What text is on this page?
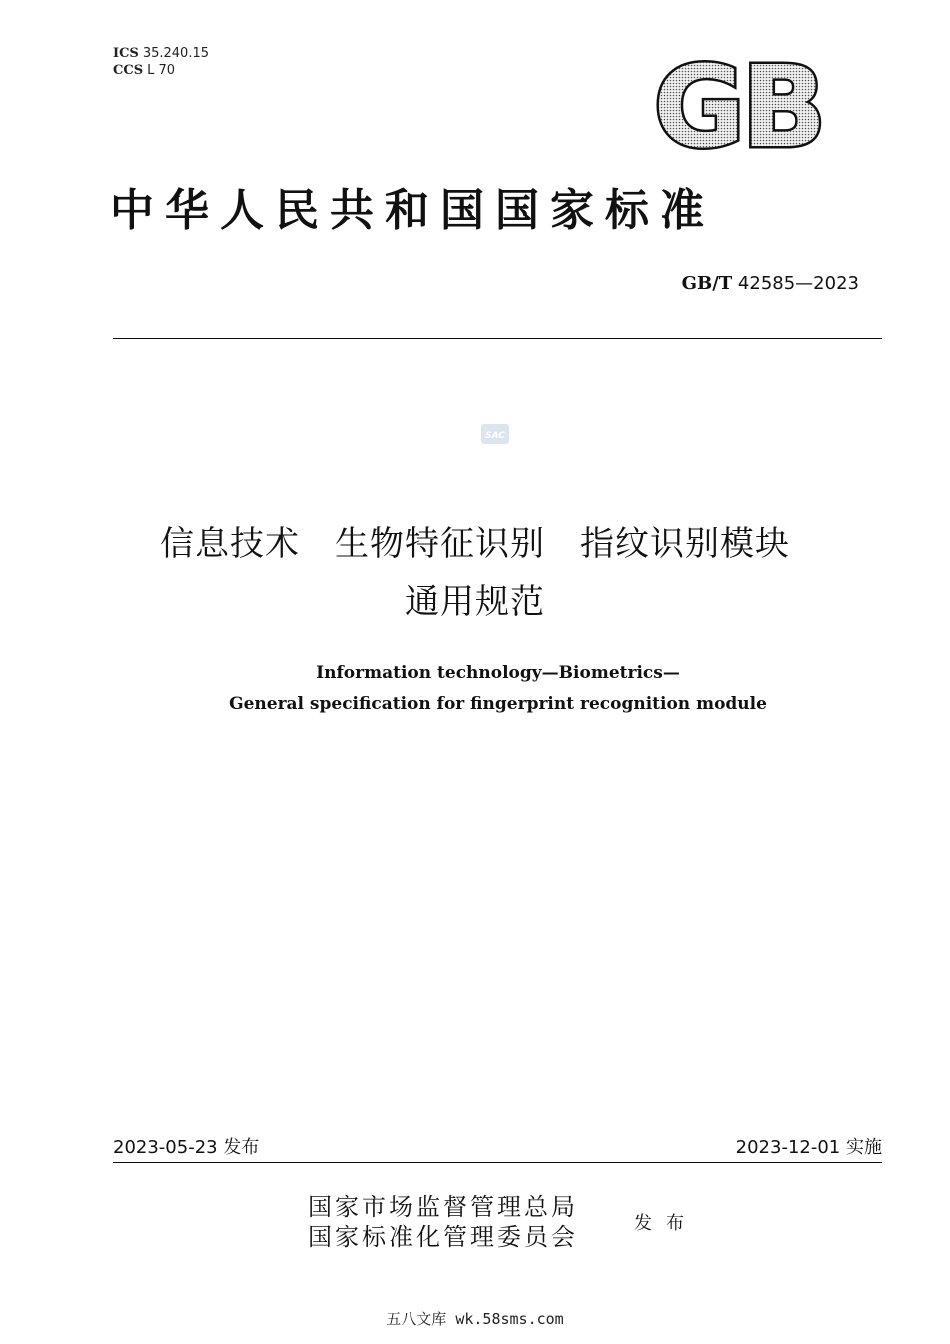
ICS 35.240.15
CCS L 70	GB
中华人民共和国国家标准
GB/T 42585—2023
SAC
信息技术　生物特征识别　指纹识别模块
通用规范
Information technology—Biometrics—
General specification for fingerprint recognition module
2023-05-23 发布	2023-12-01 实施
国家市场监督管理总局
国家标准化管理委员会	发布
五八文库 wk.58sms.com
